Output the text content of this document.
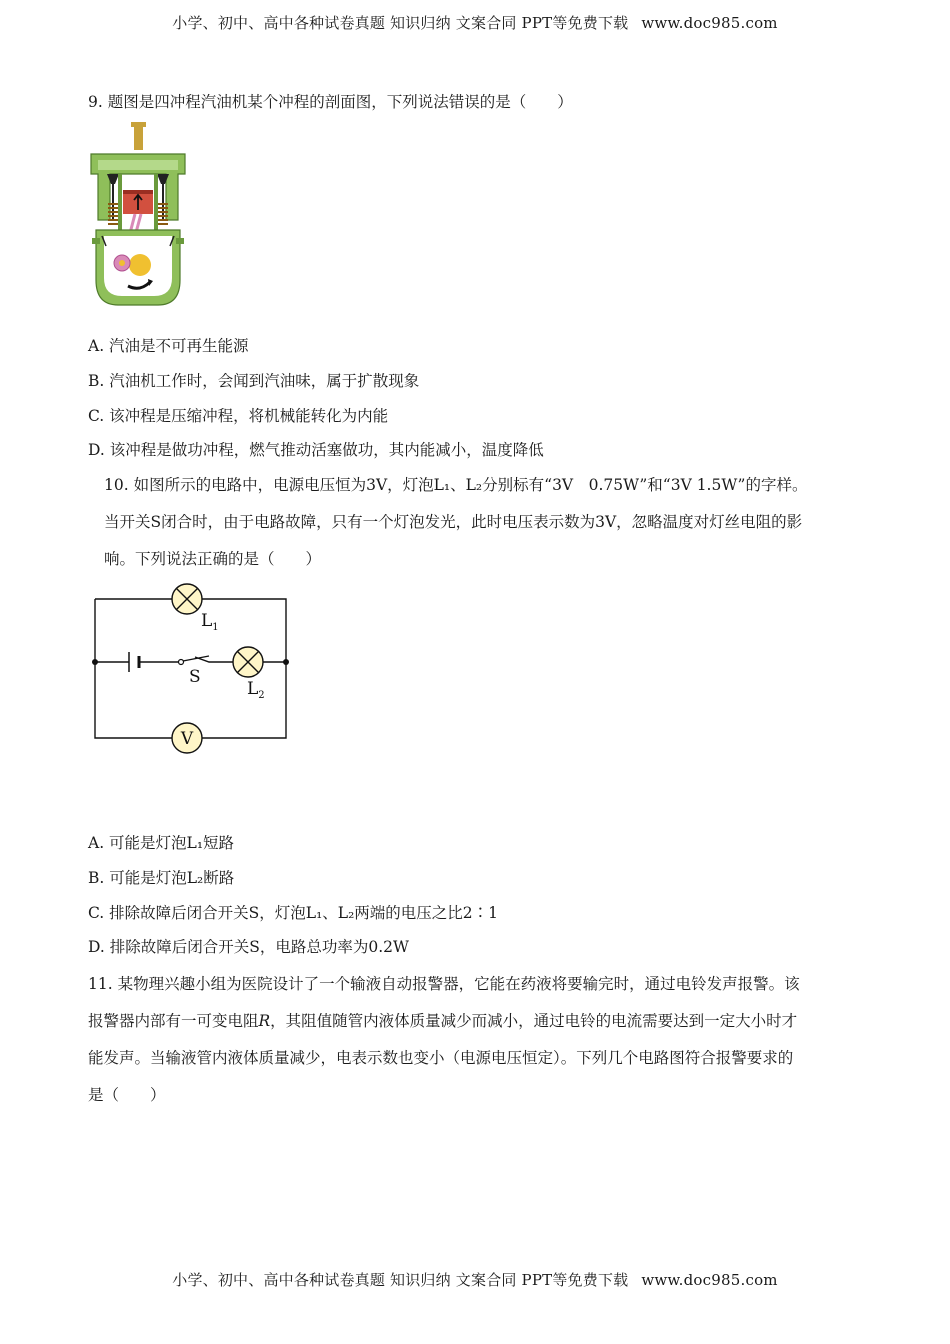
小学、初中、高中各种试卷真题 知识归纳 文案合同 PPT等免费下载 www.doc985.com
9. 题图是四冲程汽油机某个冲程的剖面图，下列说法错误的是（　　）
A. 汽油是不可再生能源
B. 汽油机工作时，会闻到汽油味，属于扩散现象
C. 该冲程是压缩冲程，将机械能转化为内能
D. 该冲程是做功冲程，燃气推动活塞做功，其内能减小，温度降低
10. 如图所示的电路中，电源电压恒为3V，灯泡L₁、L₂分别标有“3V　0.75W”和“3V 1.5W”的字样。
当开关S闭合时，由于电路故障，只有一个灯泡发光，此时电压表示数为3V，忽略温度对灯丝电阻的影
响。下列说法正确的是（　　）
V
$L_1$
S
$L_2$
A. 可能是灯泡L₁短路
B. 可能是灯泡L₂断路
C. 排除故障后闭合开关S，灯泡L₁、L₂两端的电压之比2∶1
D. 排除故障后闭合开关S，电路总功率为0.2W
11. 某物理兴趣小组为医院设计了一个输液自动报警器，它能在药液将要输完时，通过电铃发声报警。该
报警器内部有一可变电阻𝑅，其阻值随管内液体质量减少而减小，通过电铃的电流需要达到一定大小时才
能发声。当输液管内液体质量减少，电表示数也变小（电源电压恒定）。下列几个电路图符合报警要求的
是（　　）
小学、初中、高中各种试卷真题 知识归纳 文案合同 PPT等免费下载 www.doc985.com
